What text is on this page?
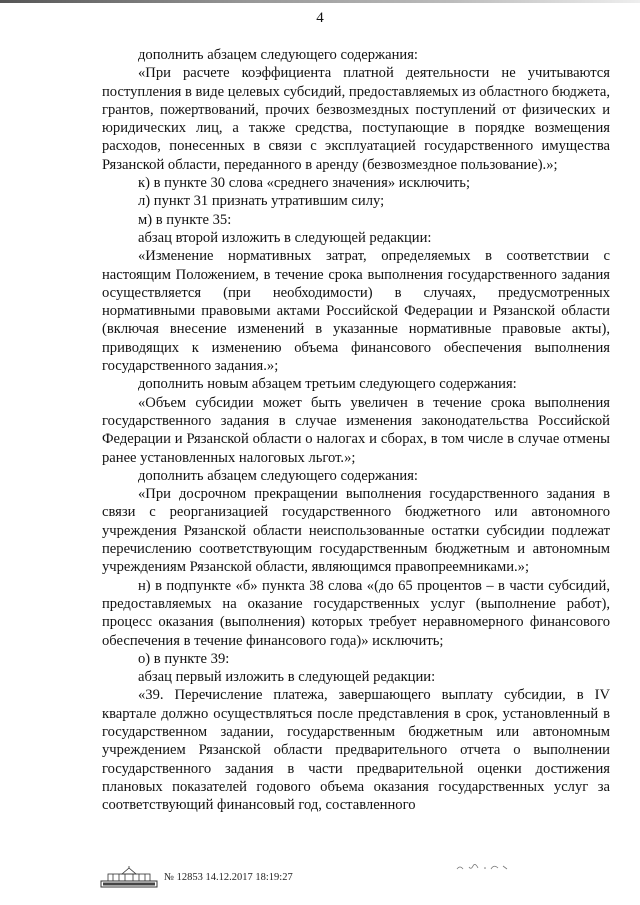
4

дополнить абзацем следующего содержания:

«При расчете коэффициента платной деятельности не учитываются поступления в виде целевых субсидий, предоставляемых из областного бюджета, грантов, пожертвований, прочих безвозмездных поступлений от физических и юридических лиц, а также средства, поступающие в порядке возмещения расходов, понесенных в связи с эксплуатацией государственного имущества Рязанской области, переданного в аренду (безвозмездное пользование).»;

к) в пункте 30 слова «среднего значения» исключить;

л) пункт 31 признать утратившим силу;

м) в пункте 35:

абзац второй изложить в следующей редакции:

«Изменение нормативных затрат, определяемых в соответствии с настоящим Положением, в течение срока выполнения государственного задания осуществляется (при необходимости) в случаях, предусмотренных нормативными правовыми актами Российской Федерации и Рязанской области (включая внесение изменений в указанные нормативные правовые акты), приводящих к изменению объема финансового обеспечения выполнения государственного задания.»;

дополнить новым абзацем третьим следующего содержания:

«Объем субсидии может быть увеличен в течение срока выполнения государственного задания в случае изменения законодательства Российской Федерации и Рязанской области о налогах и сборах, в том числе в случае отмены ранее установленных налоговых льгот.»;

дополнить абзацем следующего содержания:

«При досрочном прекращении выполнения государственного задания в связи с реорганизацией государственного бюджетного или автономного учреждения Рязанской области неиспользованные остатки субсидии подлежат перечислению соответствующим государственным бюджетным и автономным учреждениям Рязанской области, являющимся правопреемниками.»;

н) в подпункте «б» пункта 38 слова «(до 65 процентов – в части субсидий, предоставляемых на оказание государственных услуг (выполнение работ), процесс оказания (выполнения) которых требует неравномерного финансового обеспечения в течение финансового года)» исключить;

о) в пункте 39:

абзац первый изложить в следующей редакции:

«39. Перечисление платежа, завершающего выплату субсидии, в IV квартале должно осуществляться после представления в срок, установленный в государственном задании, государственным бюджетным или автономным учреждением Рязанской области предварительного отчета о выполнении государственного задания в части предварительной оценки достижения плановых показателей годового объема оказания государственных услуг за соответствующий финансовый год, составленного

№ 12853 14.12.2017 18:19:27
